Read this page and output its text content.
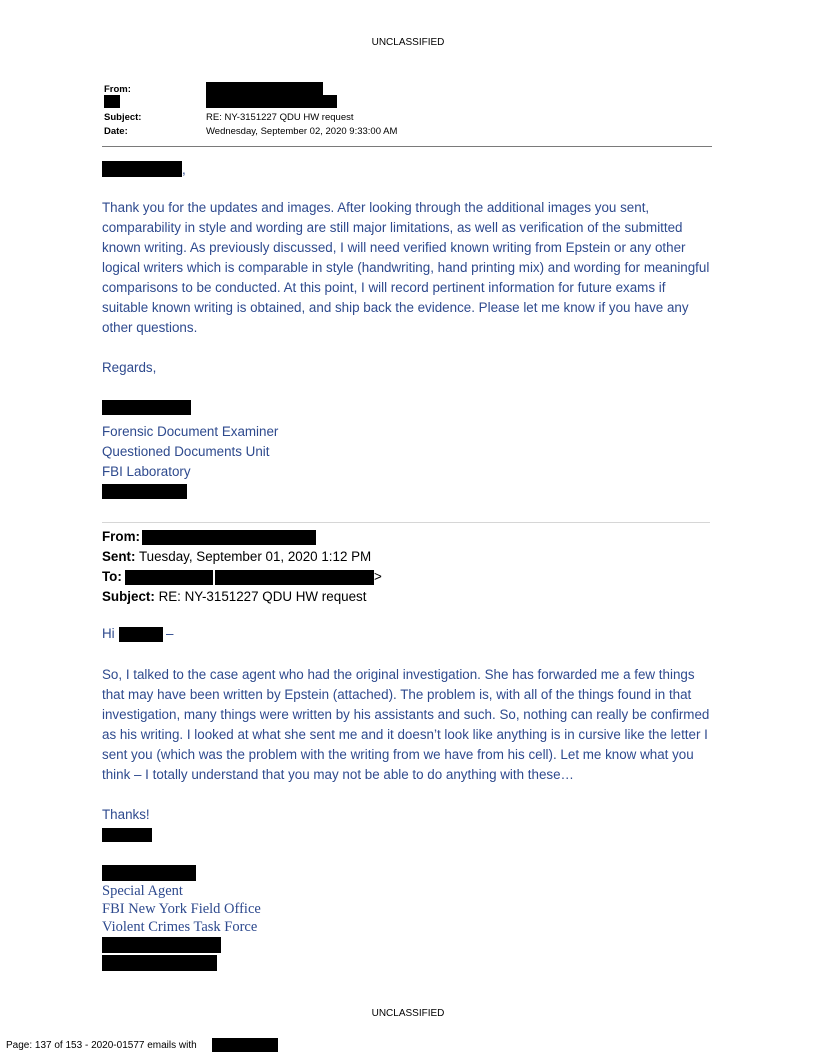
UNCLASSIFIED
From:
Subject:	RE: NY-3151227 QDU HW request
Date:	Wednesday, September 02, 2020 9:33:00 AM
,
Thank you for the updates and images. After looking through the additional images you sent, comparability in style and wording are still major limitations, as well as verification of the submitted known writing. As previously discussed, I will need verified known writing from Epstein or any other logical writers which is comparable in style (handwriting, hand printing mix) and wording for meaningful comparisons to be conducted. At this point, I will record pertinent information for future exams if suitable known writing is obtained, and ship back the evidence. Please let me know if you have any other questions.
Regards,
Forensic Document Examiner
Questioned Documents Unit
FBI Laboratory
From:
Sent: Tuesday, September 01, 2020 1:12 PM
To:	>
Subject: RE: NY-3151227 QDU HW request
Hi	–
So, I talked to the case agent who had the original investigation. She has forwarded me a few things that may have been written by Epstein (attached). The problem is, with all of the things found in that investigation, many things were written by his assistants and such. So, nothing can really be confirmed as his writing. I looked at what she sent me and it doesn’t look like anything is in cursive like the letter I sent you (which was the problem with the writing from we have from his cell). Let me know what you think – I totally understand that you may not be able to do anything with these…
Thanks!
Special Agent
FBI New York Field Office
Violent Crimes Task Force
UNCLASSIFIED
Page: 137 of 153 - 2020-01577 emails with
